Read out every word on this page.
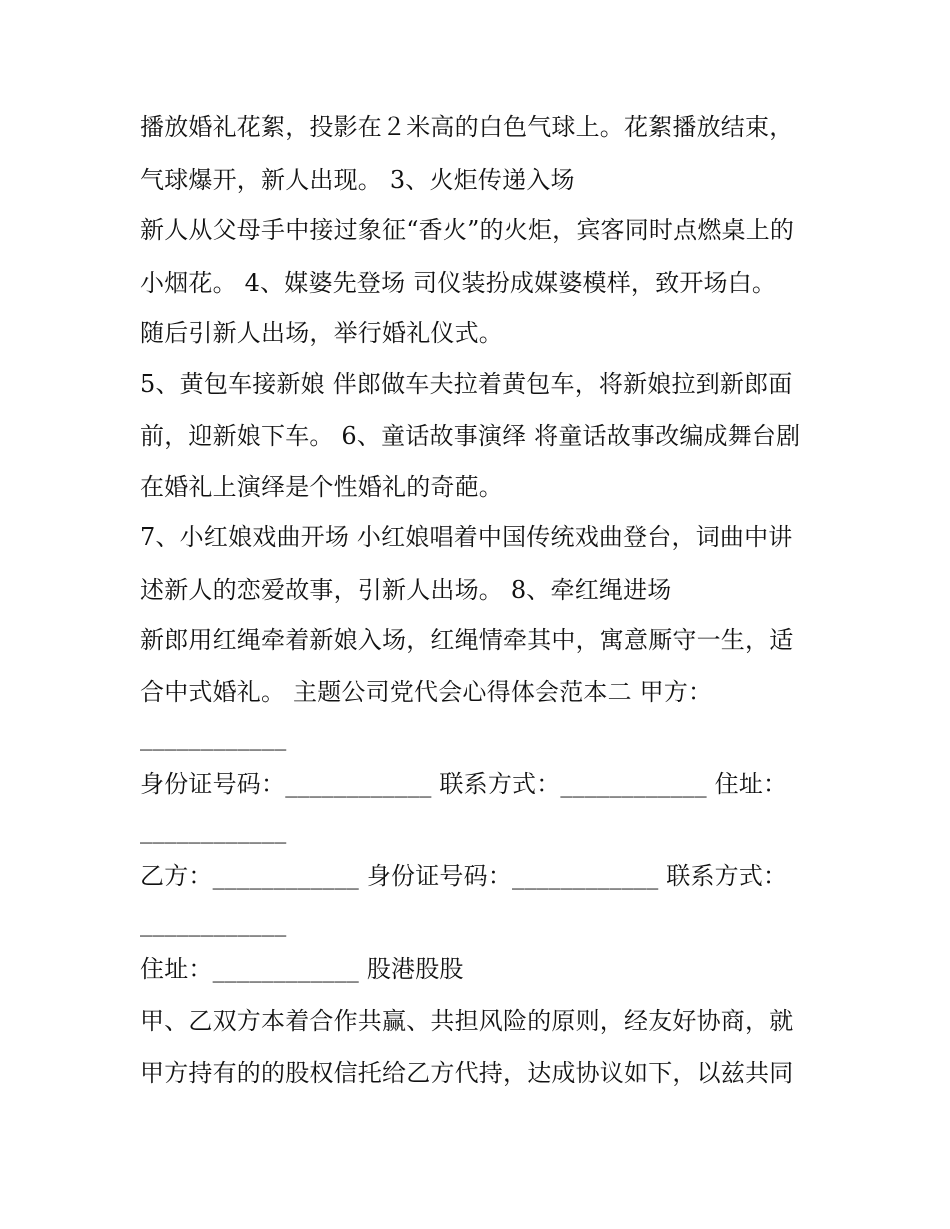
播放婚礼花絮，投影在２米高的白色气球上。花絮播放结束，

气球爆开，新人出现。 3、火炬传递入场

新人从父母手中接过象征“香火”的火炬，宾客同时点燃桌上的

小烟花。 4、媒婆先登场 司仪装扮成媒婆模样，致开场白。

随后引新人出场，举行婚礼仪式。

5、黄包车接新娘 伴郎做车夫拉着黄包车，将新娘拉到新郎面

前，迎新娘下车。 6、童话故事演绎 将童话故事改编成舞台剧

在婚礼上演绎是个性婚礼的奇葩。

7、小红娘戏曲开场 小红娘唱着中国传统戏曲登台，词曲中讲

述新人的恋爱故事，引新人出场。 8、牵红绳进场

新郎用红绳牵着新娘入场，红绳情牵其中，寓意厮守一生，适

合中式婚礼。 主题公司党代会心得体会范本二 甲方：

____________

身份证号码：____________ 联系方式：____________ 住址：

____________

乙方：____________ 身份证号码：____________ 联系方式：

____________

住址：____________ 股港股股

甲、乙双方本着合作共赢、共担风险的原则，经友好协商，就

甲方持有的的股权信托给乙方代持，达成协议如下，以兹共同
